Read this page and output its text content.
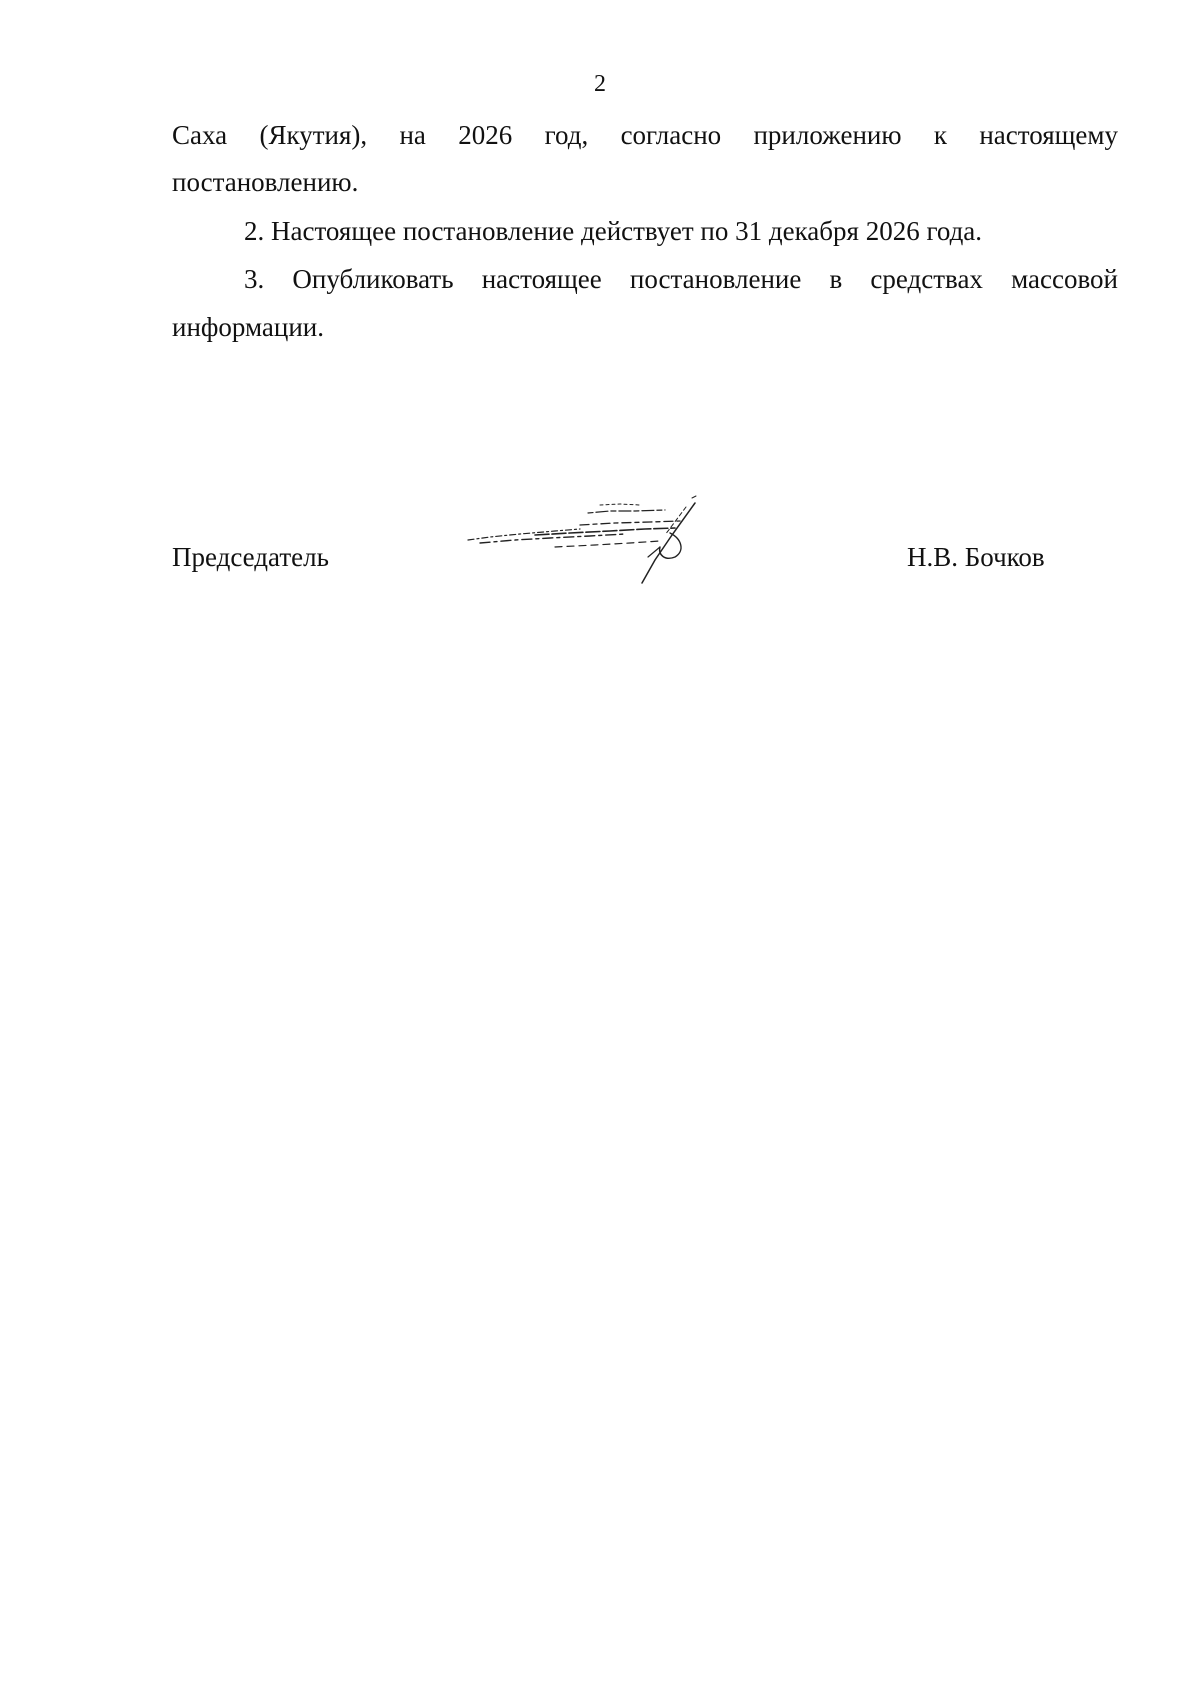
2
Саха (Якутия), на 2026 год, согласно приложению к настоящему
постановлению.
2. Настоящее постановление действует по 31 декабря 2026 года.
3. Опубликовать настоящее постановление в средствах массовой
информации.
Председатель	Н.В. Бочков
